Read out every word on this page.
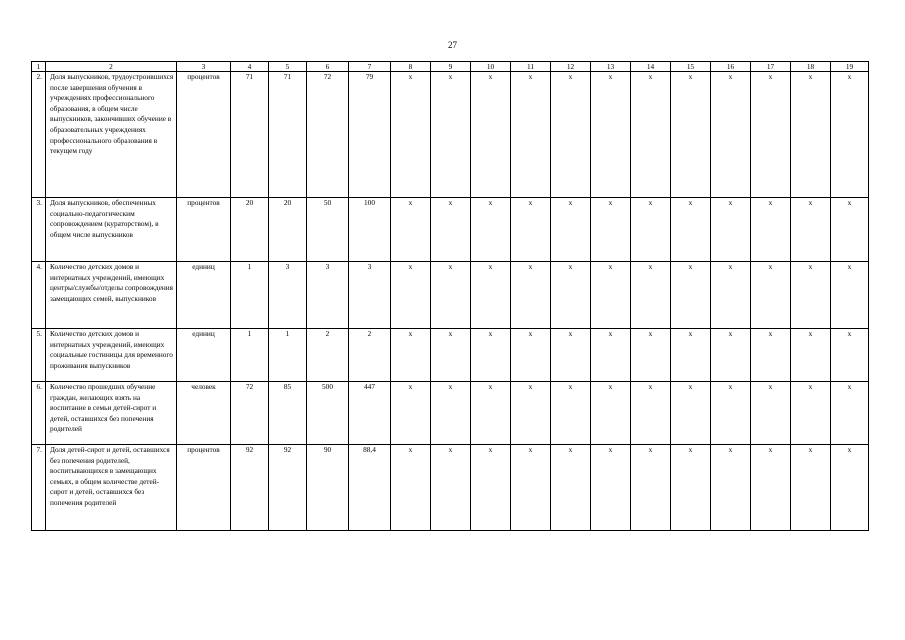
27
1	2	3	4	5	6	7	8	9	10	11	12	13	14	15	16	17	18	19
2.	Доля выпускников, трудоустроившихся после завершения обучения в учреждениях профессионального образования, в общем числе выпускников, закончивших обучение в образовательных учреждениях профессионального образования в текущем году	процентов	71	71	72	79	х	х	х	х	х	х	х	х	х	х	х	х
3.	Доля выпускников, обеспеченных социально-педагогическим сопровождением (кураторством), в общем числе выпускников	процентов	20	20	50	100	х	х	х	х	х	х	х	х	х	х	х	х
4.	Количество детских домов и интернатных учреждений, имеющих центры/службы/отделы сопровождения замещающих семей, выпускников	единиц	1	3	3	3	х	х	х	х	х	х	х	х	х	х	х	х
5.	Количество детских домов и интернатных учреждений, имеющих социальные гостиницы для временного проживания выпускников	единиц	1	1	2	2	х	х	х	х	х	х	х	х	х	х	х	х
6.	Количество прошедших обучение граждан, желающих взять на воспитание в семьи детей-сирот и детей, оставшихся без попечения родителей	человек	72	85	500	447	х	х	х	х	х	х	х	х	х	х	х	х
7.	Доля детей-сирот и детей, оставшихся без попечения родителей, воспитывающихся в замещающих семьях, в общем количестве детей-сирот и детей, оставшихся без попечения родителей	процентов	92	92	90	88,4	х	х	х	х	х	х	х	х	х	х	х	х
